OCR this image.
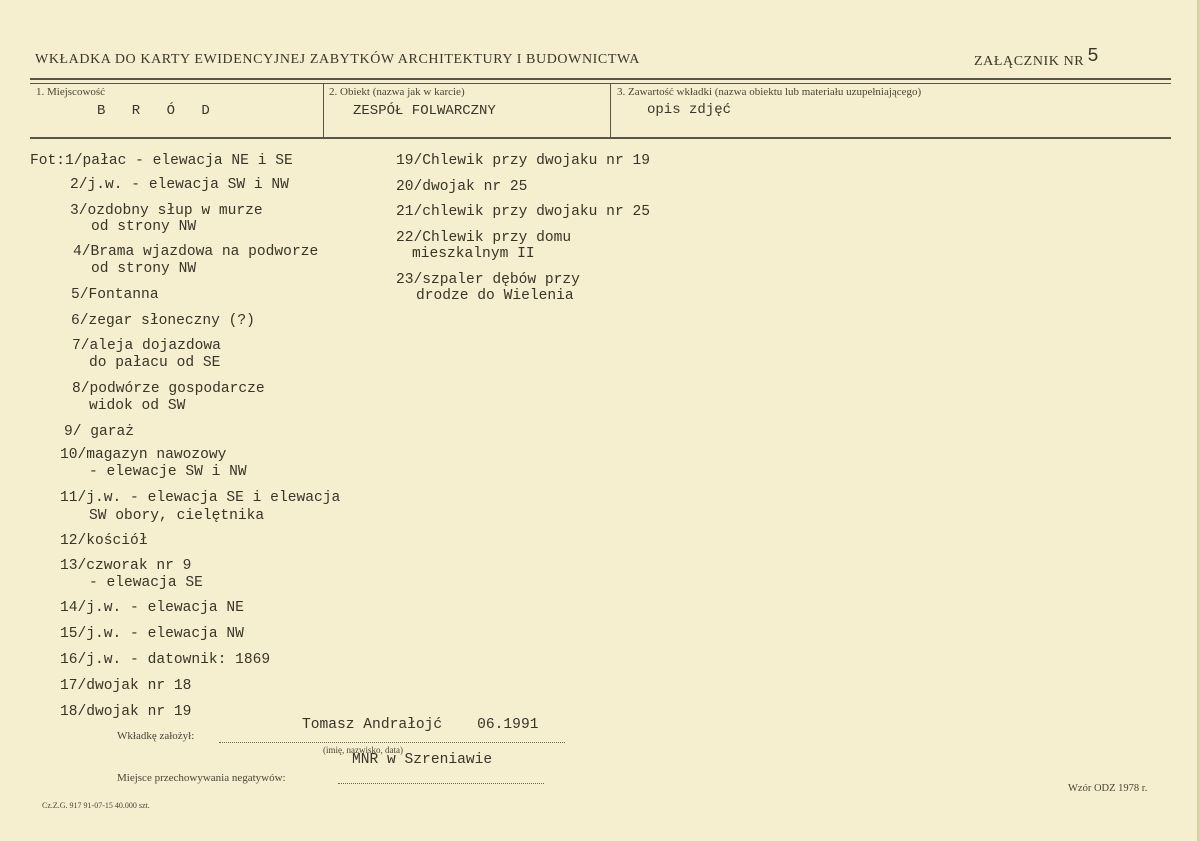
WKŁADKA DO KARTY EWIDENCYJNEJ ZABYTKÓW ARCHITEKTURY I BUDOWNICTWA	ZAŁĄCZNIK NR 5
1. Miejscowość
B R Ó D
2. Obiekt (nazwa jak w karcie)
ZESPÓŁ FOLWARCZNY
3. Zawartość wkładki (nazwa obiektu lub materiału uzupełniającego)
opis zdjęć
Fot:1/pałac - elewacja NE i SE
2/j.w. - elewacja SW i NW
3/ozdobny słup w murze
od strony NW
4/Brama wjazdowa na podworze
od strony NW
5/Fontanna
6/zegar słoneczny (?)
7/aleja dojazdowa
do pałacu od SE
8/podwórze gospodarcze
widok od SW
9/ garaż
10/magazyn nawozowy
- elewacje SW i NW
11/j.w. - elewacja SE i elewacja
SW obory, cielętnika
12/kościół
13/czworak nr 9
- elewacja SE
14/j.w. - elewacja NE
15/j.w. - elewacja NW
16/j.w. - datownik: 1869
17/dwojak nr 18
18/dwojak nr 19
19/Chlewik przy dwojaku nr 19
20/dwojak nr 25
21/chlewik przy dwojaku nr 25
22/Chlewik przy domu
mieszkalnym II
23/szpaler dębów przy
drodze do Wielenia
Wkładkę założył:
Tomasz Andrałojć    06.1991
(imię, nazwisko, data)
Miejsce przechowywania negatywów:
MNR w Szreniawie
Cz.Z.G. 917 91-07-15 40.000 szt.
Wzór ODZ 1978 r.
